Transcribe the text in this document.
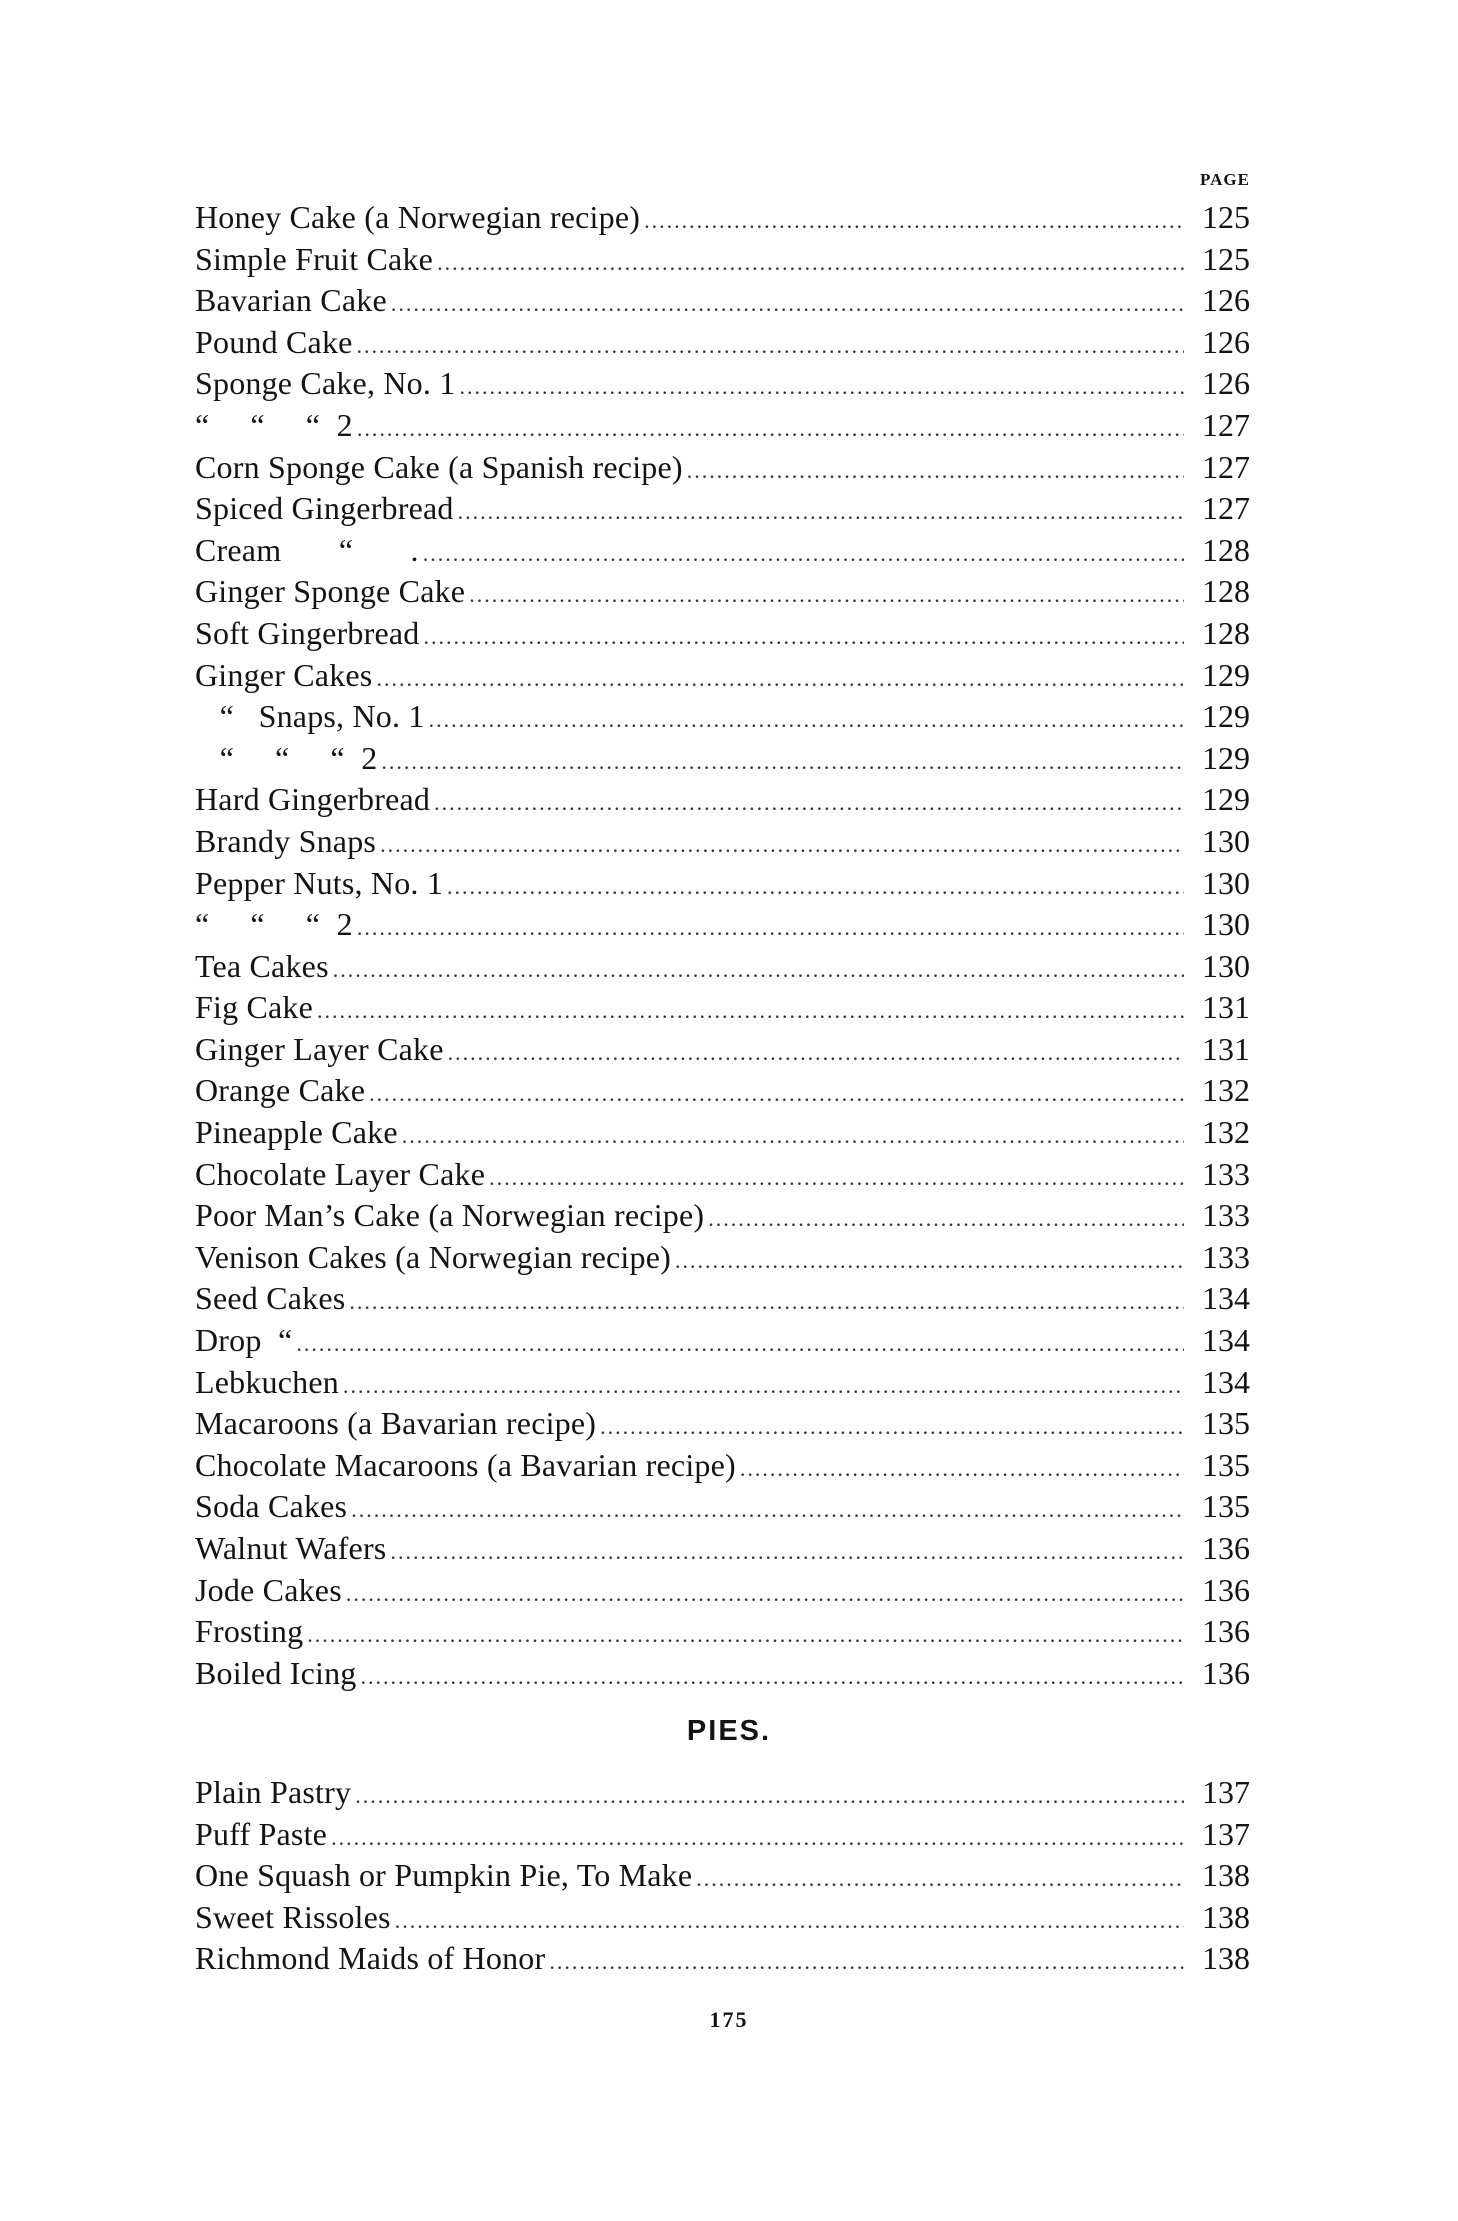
PAGE
Honey Cake (a Norwegian recipe) .....	125
Simple Fruit Cake .....	125
Bavarian Cake .....	126
Pound Cake .....	126
Sponge Cake, No. 1 .....	126
“     “     “  2 .....	127
Corn Sponge Cake (a Spanish recipe) .....	127
Spiced Gingerbread .....	127
Cream       “       . .....	128
Ginger Sponge Cake .....	128
Soft Gingerbread .....	128
Ginger Cakes .....	129
“   Snaps, No. 1 .....	129
“     “     “  2 .....	129
Hard Gingerbread .....	129
Brandy Snaps .....	130
Pepper Nuts, No. 1 .....	130
“     “     “  2 .....	130
Tea Cakes .....	130
Fig Cake .....	131
Ginger Layer Cake .....	131
Orange Cake .....	132
Pineapple Cake .....	132
Chocolate Layer Cake .....	133
Poor Man’s Cake (a Norwegian recipe) .....	133
Venison Cakes (a Norwegian recipe) .....	133
Seed Cakes .....	134
Drop  “ .....	134
Lebkuchen .....	134
Macaroons (a Bavarian recipe) .....	135
Chocolate Macaroons (a Bavarian recipe) .....	135
Soda Cakes .....	135
Walnut Wafers .....	136
Jode Cakes .....	136
Frosting .....	136
Boiled Icing .....	136
PIES.
Plain Pastry .....	137
Puff Paste .....	137
One Squash or Pumpkin Pie, To Make .....	138
Sweet Rissoles .....	138
Richmond Maids of Honor .....	138
175
